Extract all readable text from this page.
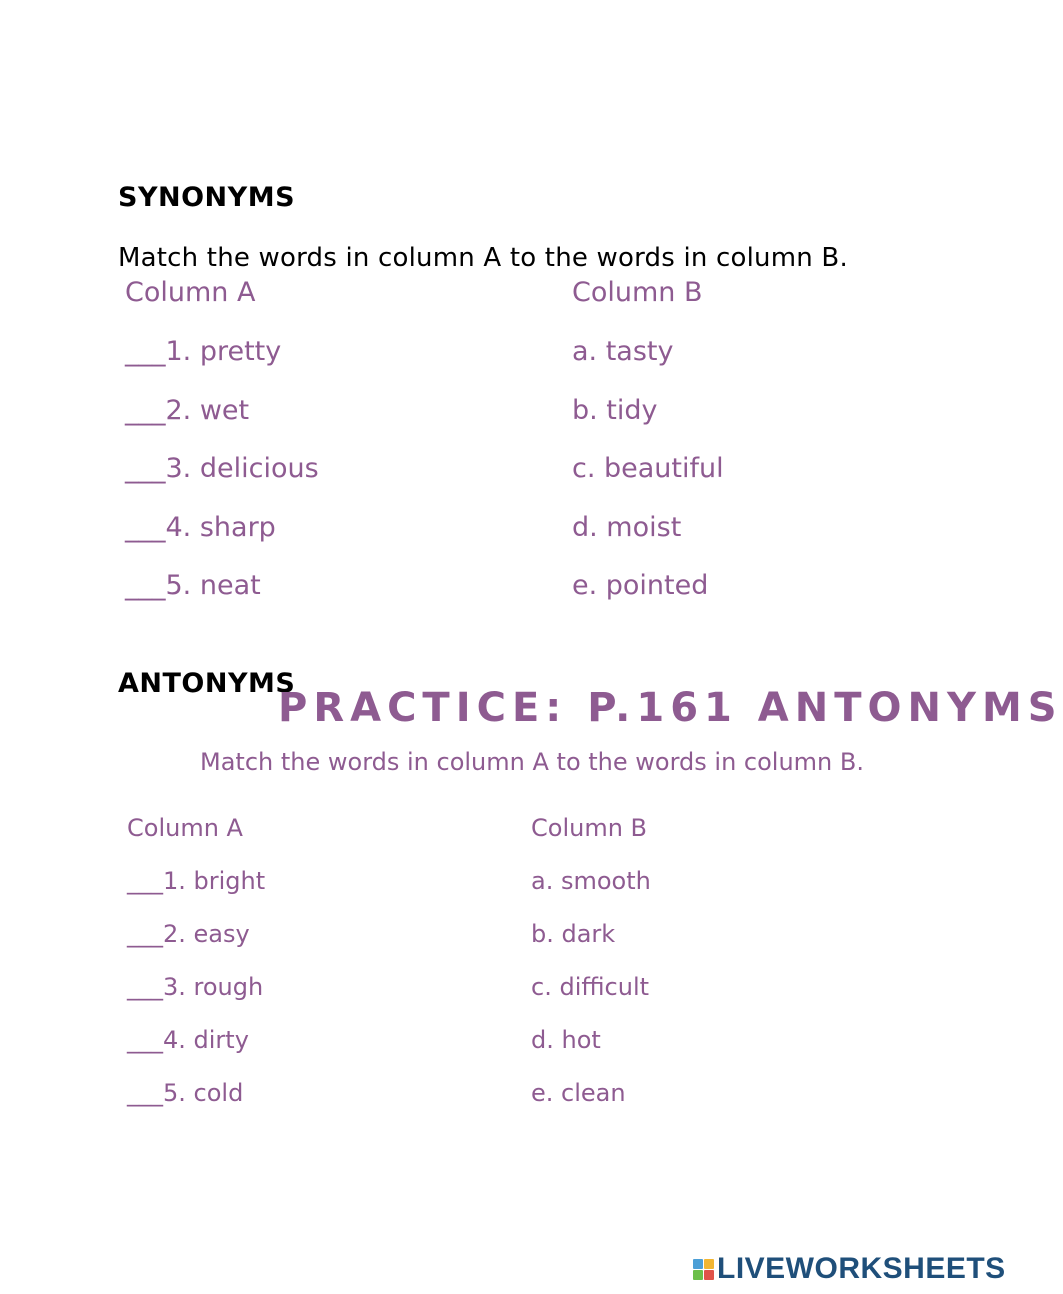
SYNONYMS
Match the words in column A to the words in column B.
Column A	Column B
___1. pretty
___2. wet
___3. delicious
___4. sharp
___5. neat
a. tasty
b. tidy
c. beautiful
d. moist
e. pointed
ANTONYMS
PRACTICE: P.161 ANTONYMS
Match the words in column A to the words in column B.
Column A	Column B
___1. bright
___2. easy
___3. rough
___4. dirty
___5. cold
a. smooth
b. dark
c. difficult
d. hot
e. clean
LIVEWORKSHEETS
